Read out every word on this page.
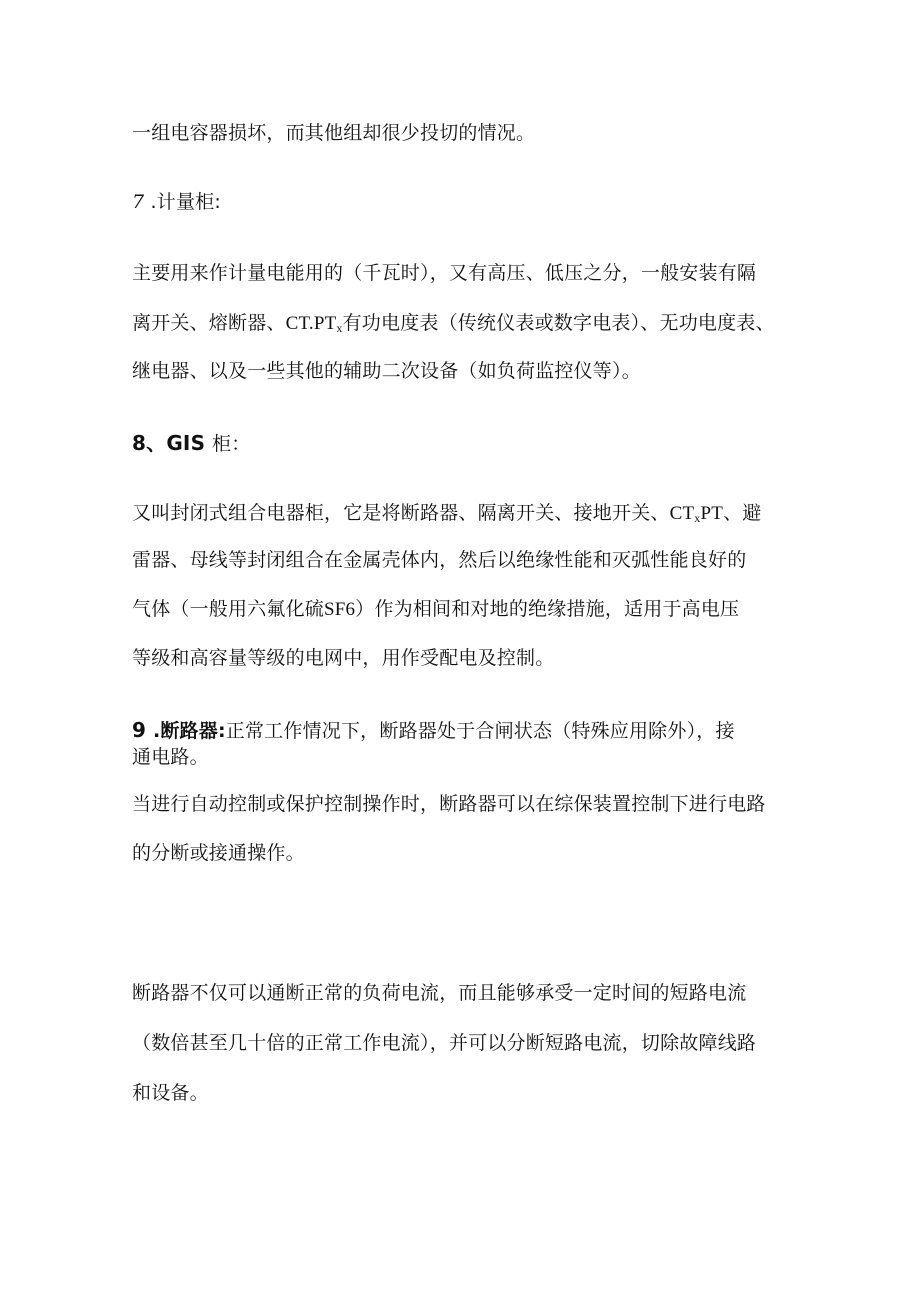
一组电容器损坏，而其他组却很少投切的情况。
7 .计量柜:
主要用来作计量电能用的（千瓦时），又有高压、低压之分，一般安装有隔
离开关、熔断器、$CT.PT_x$有功电度表（传统仪表或数字电表）、无功电度表、
继电器、以及一些其他的辅助二次设备（如负荷监控仪等）。
8、GIS 柜：
又叫封闭式组合电器柜，它是将断路器、隔离开关、接地开关、$CT_xPT$、避
雷器、母线等封闭组合在金属壳体内，然后以绝缘性能和灭弧性能良好的
气体（一般用六氟化硫SF6）作为相间和对地的绝缘措施，适用于高电压
等级和高容量等级的电网中，用作受配电及控制。
9 .断路器:正常工作情况下，断路器处于合闸状态（特殊应用除外），接
通电路。
当进行自动控制或保护控制操作时，断路器可以在综保装置控制下进行电路
的分断或接通操作。
断路器不仅可以通断正常的负荷电流，而且能够承受一定时间的短路电流
（数倍甚至几十倍的正常工作电流），并可以分断短路电流，切除故障线路
和设备。
